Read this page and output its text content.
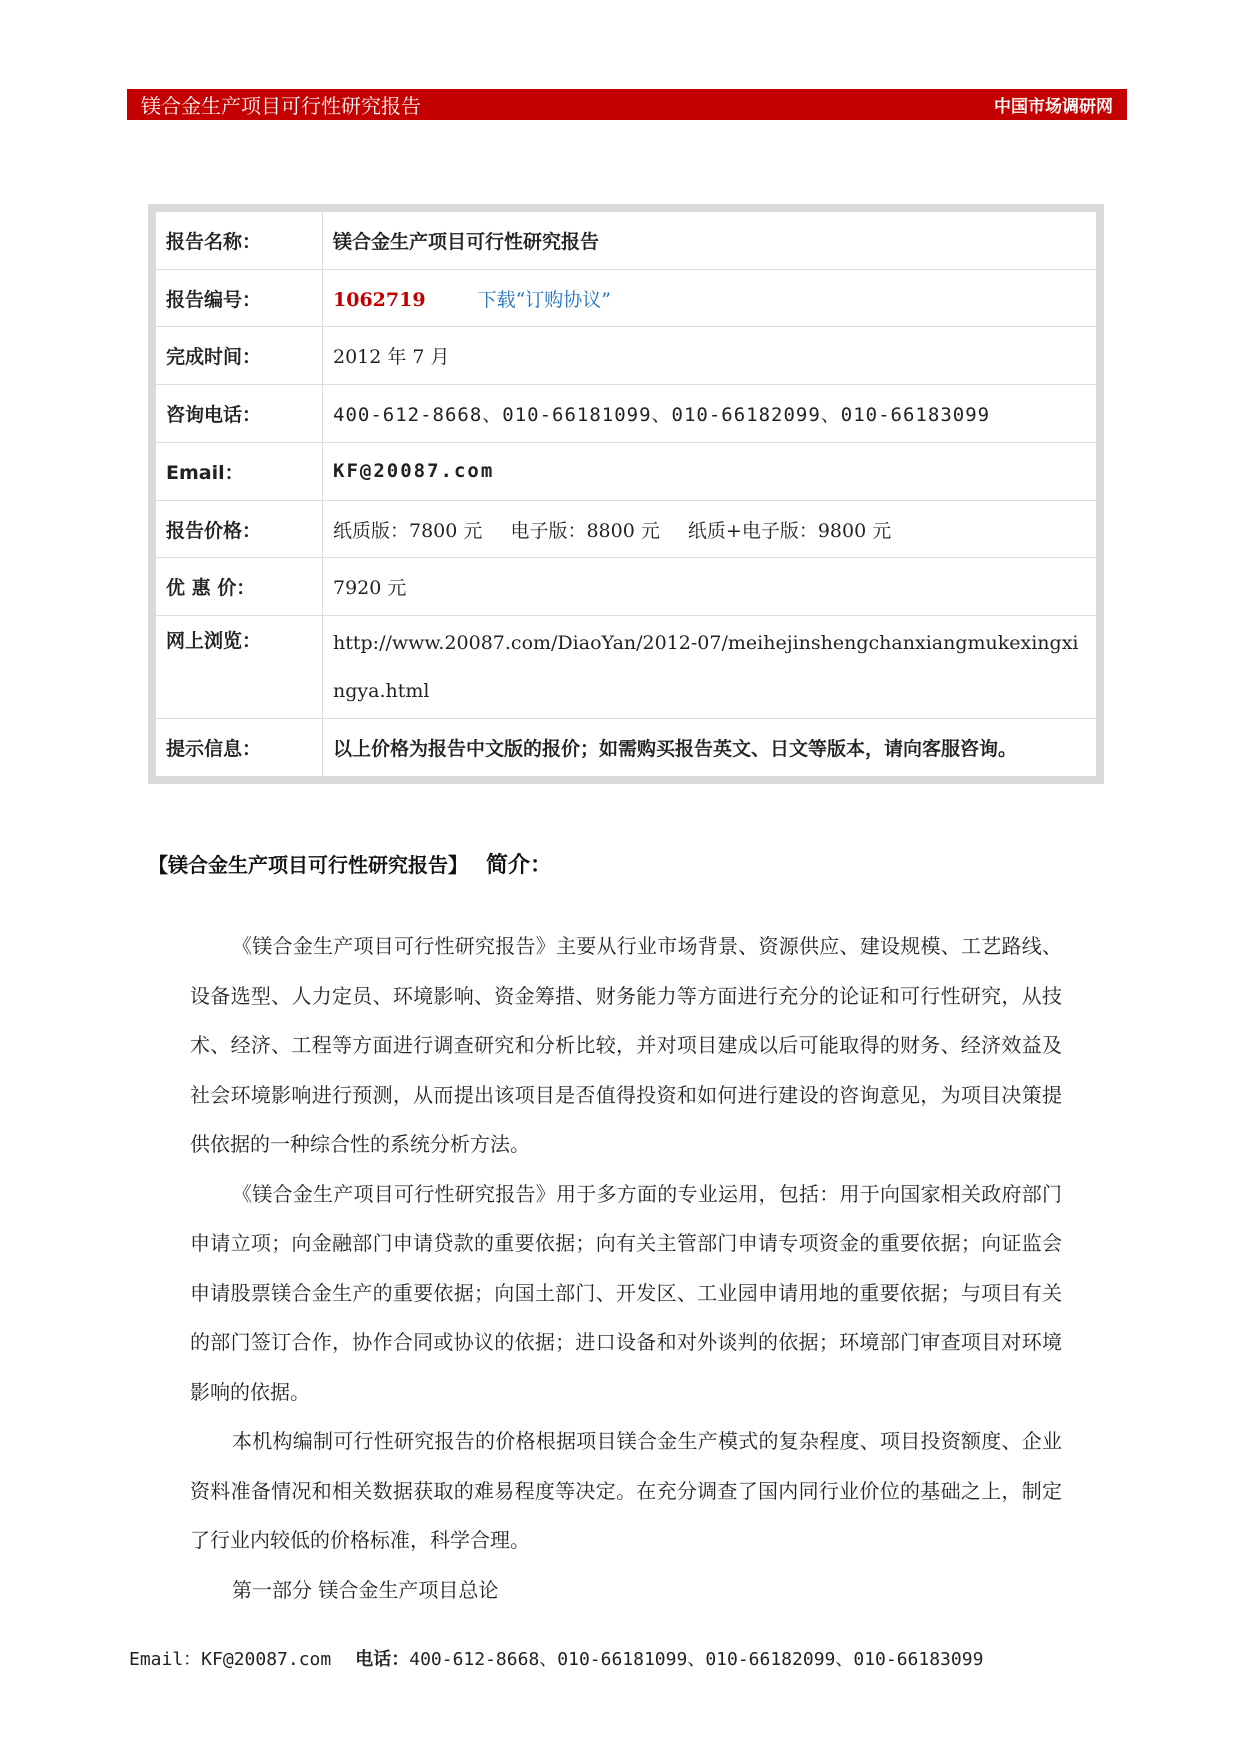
镁合金生产项目可行性研究报告	中国市场调研网
报告名称：	镁合金生产项目可行性研究报告
报告编号：	1062719 下载“订购协议”
完成时间：	2012 年 7 月
咨询电话：	400-612-8668、010-66181099、010-66182099、010-66183099
Email：	KF@20087.com
报告价格：	纸质版：7800 元 电子版：8800 元 纸质+电子版：9800 元
优 惠 价：	7920 元
网上浏览：	http://www.20087.com/DiaoYan/2012-07/meihejinshengchanxiangmukexingxingya.html
提示信息：	以上价格为报告中文版的报价；如需购买报告英文、日文等版本，请向客服咨询。
【镁合金生产项目可行性研究报告】 简介：

《镁合金生产项目可行性研究报告》主要从行业市场背景、资源供应、建设规模、工艺路线、设备选型、人力定员、环境影响、资金筹措、财务能力等方面进行充分的论证和可行性研究，从技术、经济、工程等方面进行调查研究和分析比较，并对项目建成以后可能取得的财务、经济效益及社会环境影响进行预测，从而提出该项目是否值得投资和如何进行建设的咨询意见，为项目决策提供依据的一种综合性的系统分析方法。

《镁合金生产项目可行性研究报告》用于多方面的专业运用，包括：用于向国家相关政府部门申请立项；向金融部门申请贷款的重要依据；向有关主管部门申请专项资金的重要依据；向证监会申请股票镁合金生产的重要依据；向国土部门、开发区、工业园申请用地的重要依据；与项目有关的部门签订合作，协作合同或协议的依据；进口设备和对外谈判的依据；环境部门审查项目对环境影响的依据。

本机构编制可行性研究报告的价格根据项目镁合金生产模式的复杂程度、项目投资额度、企业资料准备情况和相关数据获取的难易程度等决定。在充分调查了国内同行业价位的基础之上，制定了行业内较低的价格标准，科学合理。

第一部分 镁合金生产项目总论

Email：KF@20087.com 电话：400-612-8668、010-66181099、010-66182099、010-66183099
